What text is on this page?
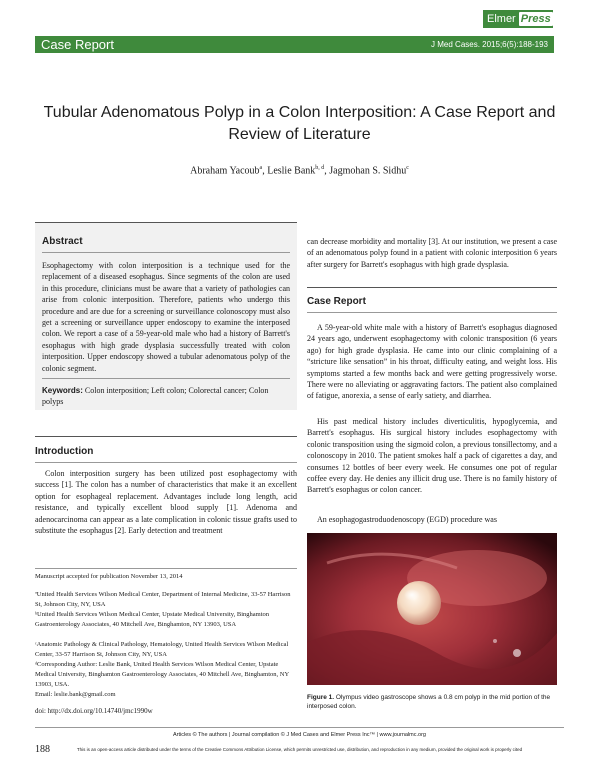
Elmer Press
Case Report	J Med Cases. 2015;6(5):188-193
Tubular Adenomatous Polyp in a Colon Interposition: A Case Report and Review of Literature
Abraham Yacoub$^a$, Leslie Bank$^{b, d}$, Jagmohan S. Sidhu$^c$
Abstract

Esophagectomy with colon interposition is a technique used for the replacement of a diseased esophagus. Since segments of the colon are used in this procedure, clinicians must be aware that a variety of pathologies can arise from colonic interposition. Therefore, patients who undergo this procedure and are due for a screening or surveillance colonoscopy must also get a screening or surveillance upper endoscopy to examine the interposed colon. We report a case of a 59-year-old male who had a history of Barrett's esophagus with high grade dysplasia successfully treated with colon interposition. Upper endoscopy showed a tubular adenomatous polyp of the colonic segment.

Keywords: Colon interposition; Left colon; Colorectal cancer; Colon polyps

Introduction

Colon interposition surgery has been utilized post esophagectomy with success [1]. The colon has a number of characteristics that make it an excellent option for esophageal replacement. Advantages include long length, acid resistance, and typically excellent blood supply [1]. Adenoma and adenocarcinoma can appear as a late complication in colonic tissue grafts used to substitute the esophagus [2]. Early detection and treatment

Manuscript accepted for publication November 13, 2014

ªUnited Health Services Wilson Medical Center, Department of Internal Medicine, 33-57 Harrison St, Johnson City, NY, USA

ᵇUnited Health Services Wilson Medical Center, Upstate Medical University, Binghamton Gastroenterology Associates, 40 Mitchell Ave, Binghamton, NY 13903, USA

ᶜAnatomic Pathology & Clinical Pathology, Hematology, United Health Services Wilson Medical Center, 33-57 Harrison St, Johnson City, NY, USA

ᵈCorresponding Author: Leslie Bank, United Health Services Wilson Medical Center, Upstate Medical University, Binghamton Gastroenterology Associates, 40 Mitchell Ave, Binghamton, NY 13903, USA.

Email: leslie.bank@gmail.com

doi: http://dx.doi.org/10.14740/jmc1990w

can decrease morbidity and mortality [3]. At our institution, we present a case of an adenomatous polyp found in a patient with colonic interposition 6 years after surgery for Barrett's esophagus with high grade dysplasia.

Case Report

A 59-year-old white male with a history of Barrett's esophagus diagnosed 24 years ago, underwent esophagectomy with colonic transposition (6 years ago) for high grade dysplasia. He came into our clinic complaining of a “stricture like sensation” in his throat, difficulty eating, and weight loss. His symptoms started a few months back and were getting progressively worse. There were no alleviating or aggravating factors. The patient also complained of fatigue, anorexia, a sense of early satiety, and diarrhea.

His past medical history includes diverticulitis, hypoglycemia, and Barrett's esophagus. His surgical history includes esophagectomy with colonic transposition using the sigmoid colon, a previous tonsillectomy, and a colonoscopy in 2010. The patient smokes half a pack of cigarettes a day, and consumes 12 bottles of beer every week. He consumes one pot of regular coffee every day. He denies any illicit drug use. There is no family history of Barrett's esophagus or colon cancer.

An esophagogastroduodenoscopy (EGD) procedure was

Figure 1. Olympus video gastroscope shows a 0.8 cm polyp in the mid portion of the interposed colon.

Articles © The authors | Journal compilation © J Med Cases and Elmer Press Inc™ | www.journalmc.org
188	This is an open-access article distributed under the terms of the Creative Commons Attribution License, which permits unrestricted use, distribution, and reproduction in any medium, provided the original work is properly cited
